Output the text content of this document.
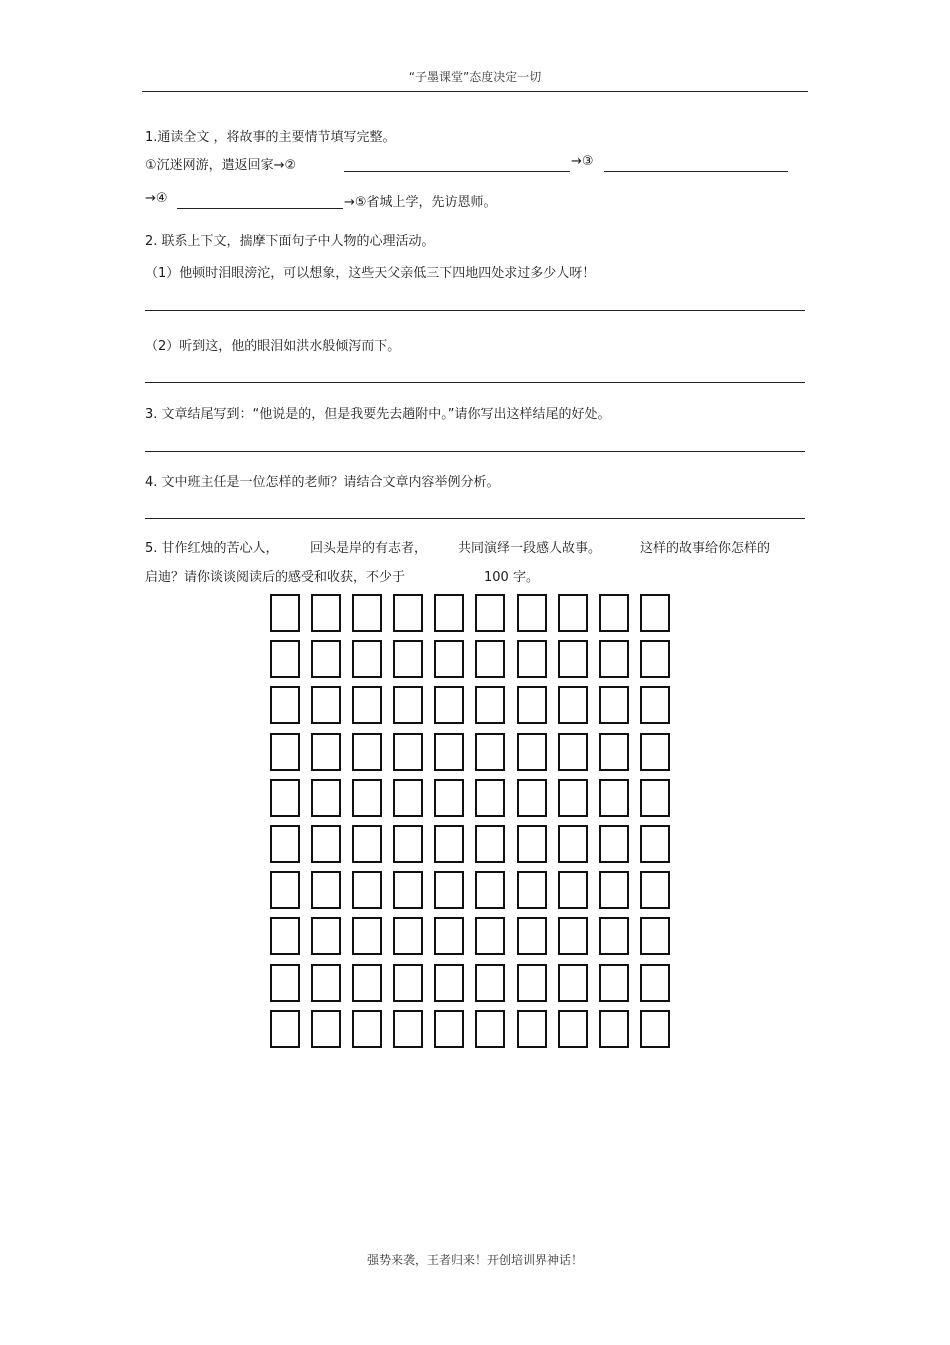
“子墨课堂”态度决定一切
1.通读全文 ，将故事的主要情节填写完整。
①沉迷网游，遣返回家→②	→③
→④	→⑤省城上学，先访恩师。
2. 联系上下文，揣摩下面句子中人物的心理活动。
（1）他顿时泪眼滂沱，可以想象，这些天父亲低三下四地四处求过多少人呀！
（2）听到这，他的眼泪如洪水般倾泻而下。
3. 文章结尾写到：“他说是的，但是我要先去趟附中。”请你写出这样结尾的好处。
4. 文中班主任是一位怎样的老师？请结合文章内容举例分析。
5. 甘作红烛的苦心人， 回头是岸的有志者， 共同演绎一段感人故事。	这样的故事给你怎样的
启迪？请你谈谈阅读后的感受和收获，不少于	100 字。
强势来袭，王者归来！开创培训界神话！
